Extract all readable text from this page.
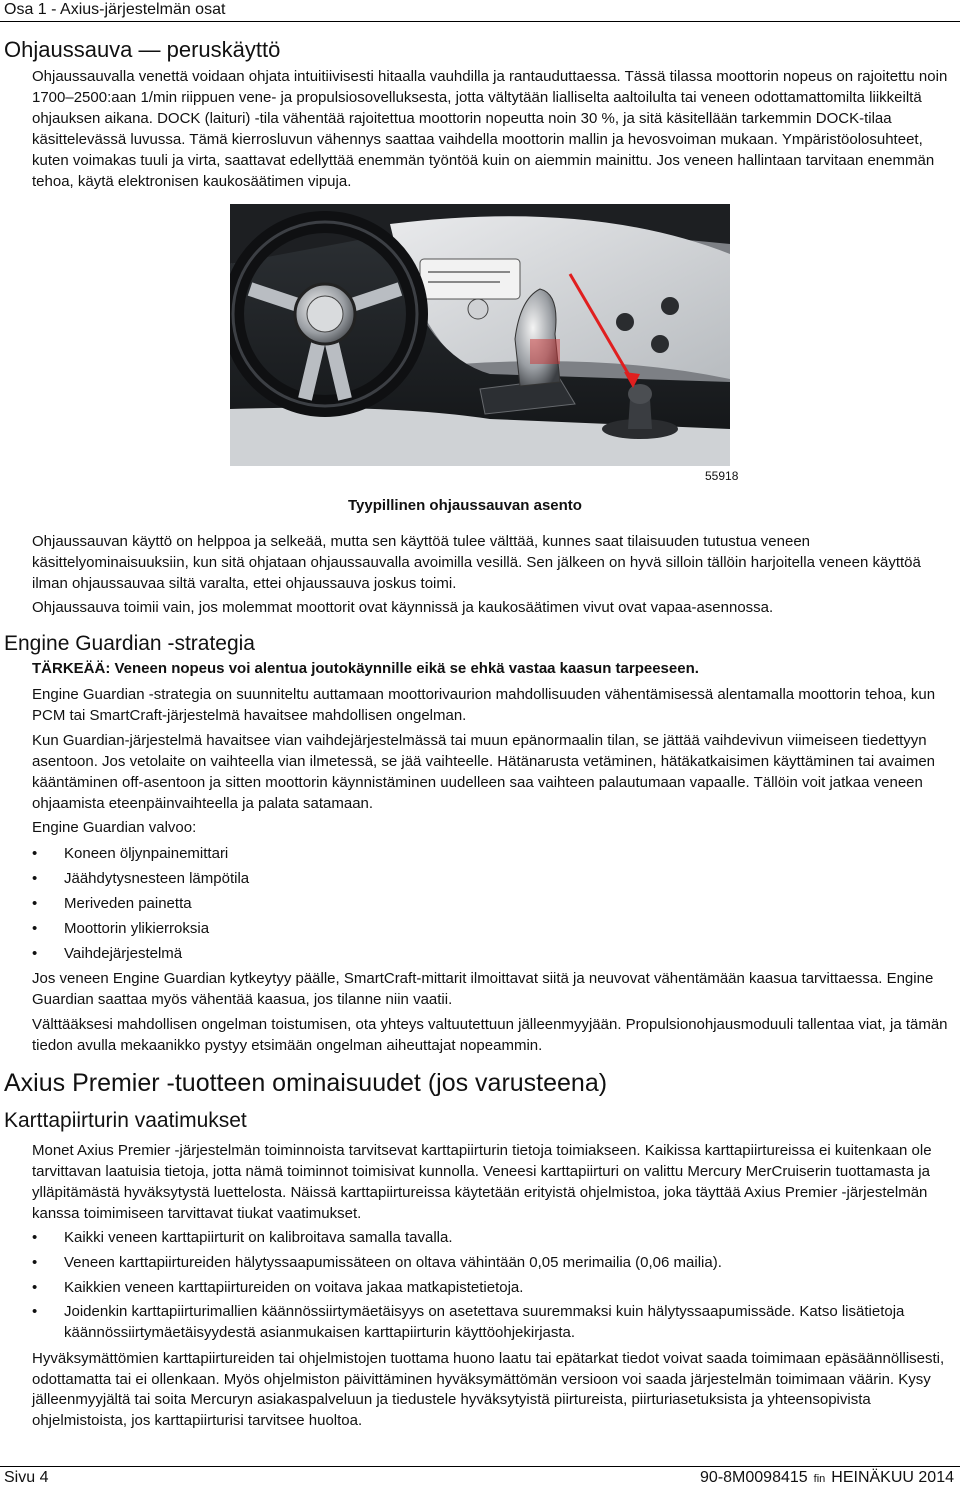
Osa 1 - Axius-järjestelmän osat
Ohjaussauva — peruskäyttö
Ohjaussauvalla venettä voidaan ohjata intuitiivisesti hitaalla vauhdilla ja rantauduttaessa. Tässä tilassa moottorin nopeus on rajoitettu noin 1700–2500:aan 1/min riippuen vene- ja propulsiosovelluksesta, jotta vältytään lialliselta aaltoilulta tai veneen odottamattomilta liikkeiltä ohjauksen aikana. DOCK (laituri) -tila vähentää rajoitettua moottorin nopeutta noin 30 %, ja sitä käsitellään tarkemmin DOCK-tilaa käsittelevässä luvussa. Tämä kierrosluvun vähennys saattaa vaihdella moottorin mallin ja hevosvoiman mukaan. Ympäristöolosuhteet, kuten voimakas tuuli ja virta, saattavat edellyttää enemmän työntöä kuin on aiemmin mainittu. Jos veneen hallintaan tarvitaan enemmän tehoa, käytä elektronisen kaukosäätimen vipuja.
55918
Tyypillinen ohjaussauvan asento
Ohjaussauvan käyttö on helppoa ja selkeää, mutta sen käyttöä tulee välttää, kunnes saat tilaisuuden tutustua veneen käsittelyominaisuuksiin, kun sitä ohjataan ohjaussauvalla avoimilla vesillä. Sen jälkeen on hyvä silloin tällöin harjoitella veneen käyttöä ilman ohjaussauvaa siltä varalta, ettei ohjaussauva joskus toimi.
Ohjaussauva toimii vain, jos molemmat moottorit ovat käynnissä ja kaukosäätimen vivut ovat vapaa-asennossa.
Engine Guardian -strategia
TÄRKEÄÄ: Veneen nopeus voi alentua joutokäynnille eikä se ehkä vastaa kaasun tarpeeseen.
Engine Guardian -strategia on suunniteltu auttamaan moottorivaurion mahdollisuuden vähentämisessä alentamalla moottorin tehoa, kun PCM tai SmartCraft-järjestelmä havaitsee mahdollisen ongelman.
Kun Guardian-järjestelmä havaitsee vian vaihdejärjestelmässä tai muun epänormaalin tilan, se jättää vaihdevivun viimeiseen tiedettyyn asentoon. Jos vetolaite on vaihteella vian ilmetessä, se jää vaihteelle. Hätänarusta vetäminen, hätäkatkaisimen käyttäminen tai avaimen kääntäminen off-asentoon ja sitten moottorin käynnistäminen uudelleen saa vaihteen palautumaan vapaalle. Tällöin voit jatkaa veneen ohjaamista eteenpäinvaihteella ja palata satamaan.
Engine Guardian valvoo:
• Koneen öljynpainemittari
• Jäähdytysnesteen lämpötila
• Meriveden painetta
• Moottorin ylikierroksia
• Vaihdejärjestelmä
Jos veneen Engine Guardian kytkeytyy päälle, SmartCraft-mittarit ilmoittavat siitä ja neuvovat vähentämään kaasua tarvittaessa. Engine Guardian saattaa myös vähentää kaasua, jos tilanne niin vaatii.
Välttääksesi mahdollisen ongelman toistumisen, ota yhteys valtuutettuun jälleenmyyjään. Propulsionohjausmoduuli tallentaa viat, ja tämän tiedon avulla mekaanikko pystyy etsimään ongelman aiheuttajat nopeammin.
Axius Premier -tuotteen ominaisuudet (jos varusteena)
Karttapiirturin vaatimukset
Monet Axius Premier -järjestelmän toiminnoista tarvitsevat karttapiirturin tietoja toimiakseen. Kaikissa karttapiirtureissa ei kuitenkaan ole tarvittavan laatuisia tietoja, jotta nämä toiminnot toimisivat kunnolla. Veneesi karttapiirturi on valittu Mercury MerCruiserin tuottamasta ja ylläpitämästä hyväksytystä luettelosta. Näissä karttapiirtureissa käytetään erityistä ohjelmistoa, joka täyttää Axius Premier -järjestelmän kanssa toimimiseen tarvittavat tiukat vaatimukset.
• Kaikki veneen karttapiirturit on kalibroitava samalla tavalla.
• Veneen karttapiirtureiden hälytyssaapumissäteen on oltava vähintään 0,05 merimailia (0,06 mailia).
• Kaikkien veneen karttapiirtureiden on voitava jakaa matkapistetietoja.
• Joidenkin karttapiirturimallien käännössiirtymäetäisyys on asetettava suuremmaksi kuin hälytyssaapumissäde. Katso lisätietoja käännössiirtymäetäisyydestä asianmukaisen karttapiirturin käyttöohjekirjasta.
Hyväksymättömien karttapiirtureiden tai ohjelmistojen tuottama huono laatu tai epätarkat tiedot voivat saada toimimaan epäsäännöllisesti, odottamatta tai ei ollenkaan. Myös ohjelmiston päivittäminen hyväksymättömän versioon voi saada järjestelmän toimimaan väärin. Kysy jälleenmyyjältä tai soita Mercuryn asiakaspalveluun ja tiedustele hyväksytyistä piirtureista, piirturiasetuksista ja yhteensopivista ohjelmistoista, jos karttapiirturisi tarvitsee huoltoa.
Sivu 4	90-8M0098415 fin HEINÄKUU 2014
